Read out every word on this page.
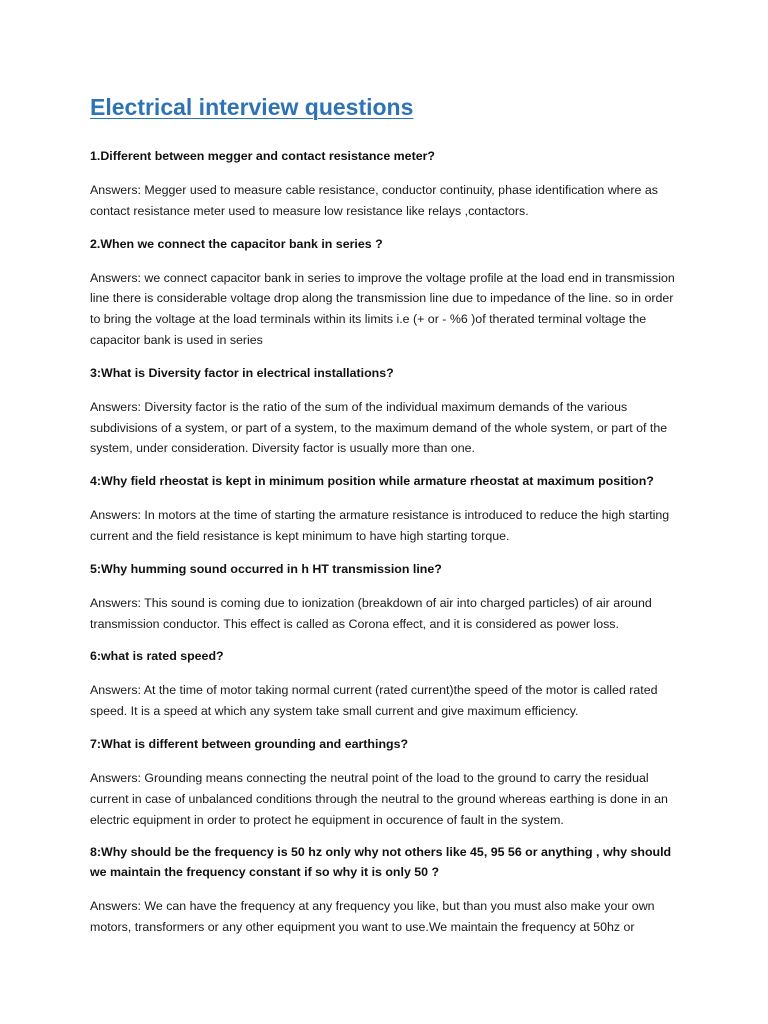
Electrical interview questions

1.Different between megger and contact resistance meter?

Answers: Megger used to measure cable resistance, conductor continuity, phase identification where as contact resistance meter used to measure low resistance like relays ,contactors.

2.When we connect the capacitor bank in series ?

Answers: we connect capacitor bank in series to improve the voltage profile at the load end in transmission line there is considerable voltage drop along the transmission line due to impedance of the line. so in order to bring the voltage at the load terminals within its limits i.e (+ or - %6 )of therated terminal voltage the capacitor bank is used in series

3:What is Diversity factor in electrical installations?

Answers: Diversity factor is the ratio of the sum of the individual maximum demands of the various subdivisions of a system, or part of a system, to the maximum demand of the whole system, or part of the system, under consideration. Diversity factor is usually more than one.

4:Why field rheostat is kept in minimum position while armature rheostat at maximum position?

Answers: In motors at the time of starting the armature resistance is introduced to reduce the high starting current and the field resistance is kept minimum to have high starting torque.

5:Why humming sound occurred in h HT transmission line?

Answers: This sound is coming due to ionization (breakdown of air into charged particles) of air around transmission conductor. This effect is called as Corona effect, and it is considered as power loss.

6:what is rated speed?

Answers: At the time of motor taking normal current (rated current)the speed of the motor is called rated speed. It is a speed at which any system take small current and give maximum efficiency.

7:What is different between grounding and earthings?

Answers: Grounding means connecting the neutral point of the load to the ground to carry the residual current in case of unbalanced conditions through the neutral to the ground whereas earthing is done in an electric equipment in order to protect he equipment in occurence of fault in the system.

8:Why should be the frequency is 50 hz only why not others like 45, 95 56 or anything , why should we maintain the frequency constant if so why it is only 50 ?

Answers: We can have the frequency at any frequency you like, but than you must also make your own motors, transformers or any other equipment you want to use.We maintain the frequency at 50hz or
